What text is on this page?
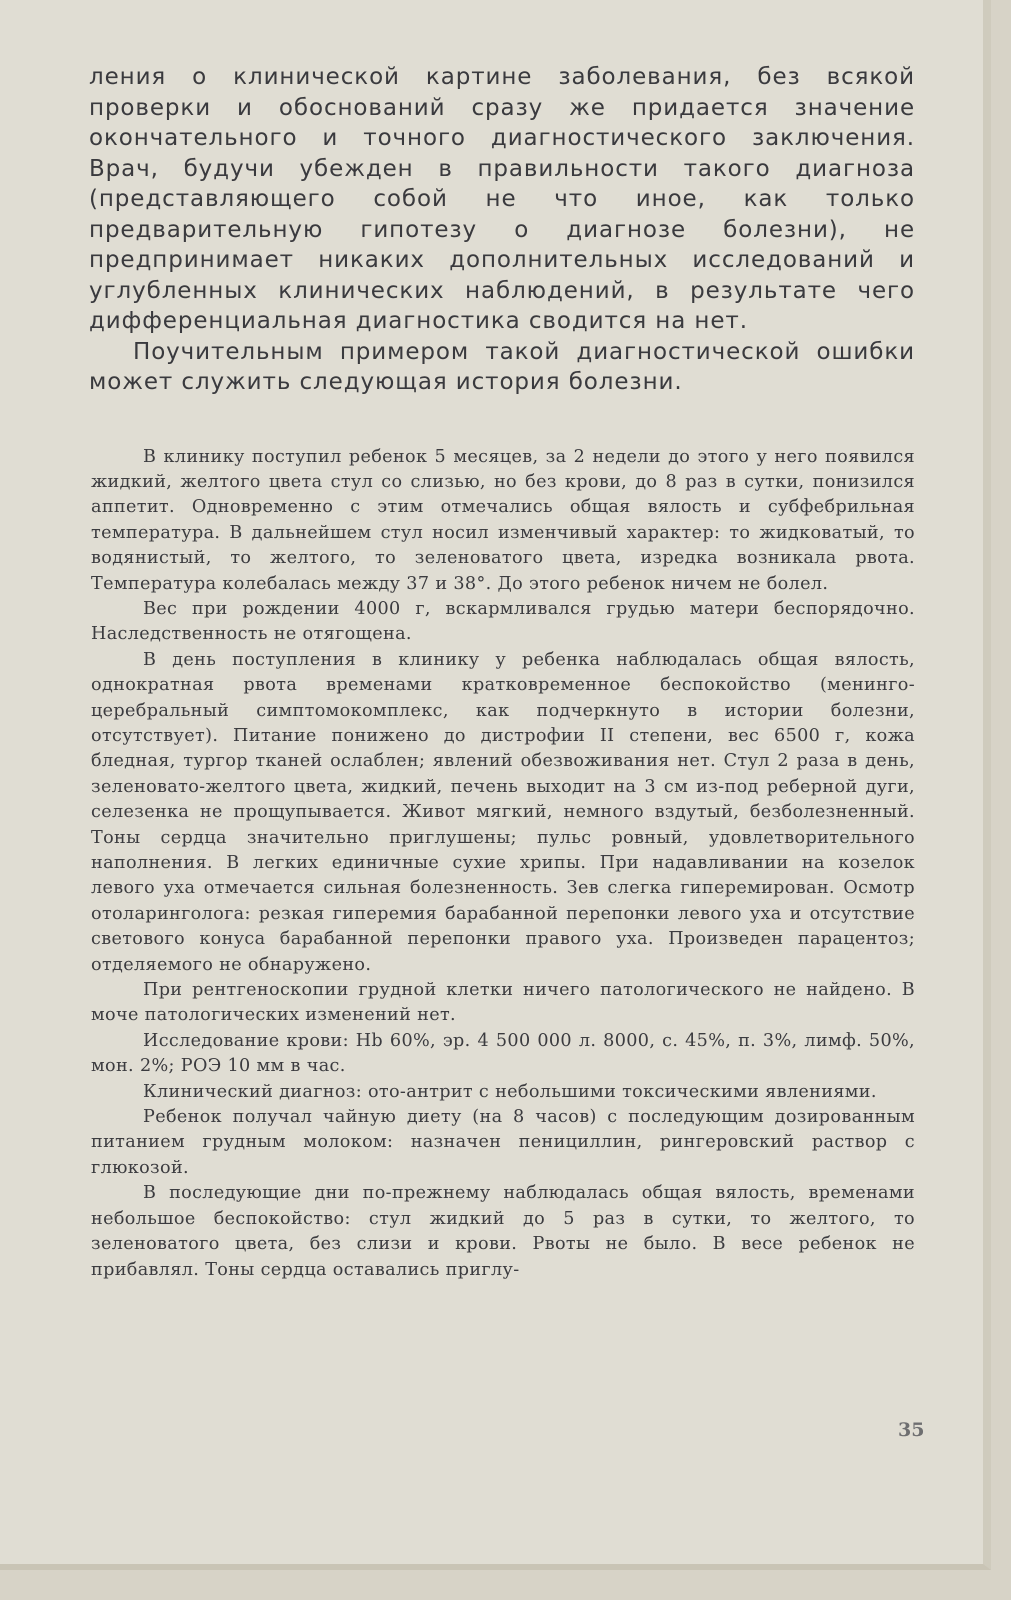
ления о клинической картине заболевания, без всякой проверки и обоснований сразу же придается значение окончательного и точного диагностического заключения. Врач, будучи убежден в правильности такого диагноза (представляющего собой не что иное, как только предварительную гипотезу о диагнозе болезни), не предпринимает никаких дополнительных исследований и углубленных клинических наблюдений, в результате чего дифференциальная диагностика сводится на нет.

Поучительным примером такой диагностической ошибки может служить следующая история болезни.

В клинику поступил ребенок 5 месяцев, за 2 недели до этого у него появился жидкий, желтого цвета стул со слизью, но без крови, до 8 раз в сутки, понизился аппетит. Одновременно с этим отмечались общая вялость и субфебрильная температура. В дальнейшем стул носил изменчивый характер: то жидковатый, то водянистый, то желтого, то зеленоватого цвета, изредка возникала рвота. Температура колебалась между 37 и 38°. До этого ребенок ничем не болел.

Вес при рождении 4000 г, вскармливался грудью матери беспорядочно. Наследственность не отягощена.

В день поступления в клинику у ребенка наблюдалась общая вялость, однократная рвота временами кратковременное беспокойство (менинго-церебральный симптомокомплекс, как подчеркнуто в истории болезни, отсутствует). Питание понижено до дистрофии II степени, вес 6500 г, кожа бледная, тургор тканей ослаблен; явлений обезвоживания нет. Стул 2 раза в день, зеленовато-желтого цвета, жидкий, печень выходит на 3 см из-под реберной дуги, селезенка не прощупывается. Живот мягкий, немного вздутый, безболезненный. Тоны сердца значительно приглушены; пульс ровный, удовлетворительного наполнения. В легких единичные сухие хрипы. При надавливании на козелок левого уха отмечается сильная болезненность. Зев слегка гиперемирован. Осмотр отоларинголога: резкая гиперемия барабанной перепонки левого уха и отсутствие светового конуса барабанной перепонки правого уха. Произведен парацентоз; отделяемого не обнаружено.

При рентгеноскопии грудной клетки ничего патологического не найдено. В моче патологических изменений нет.

Исследование крови: Hb 60%, эр. 4 500 000 л. 8000, с. 45%, п. 3%, лимф. 50%, мон. 2%; РОЭ 10 мм в час.

Клинический диагноз: ото-антрит с небольшими токсическими явлениями.

Ребенок получал чайную диету (на 8 часов) с последующим дозированным питанием грудным молоком: назначен пенициллин, рингеровский раствор с глюкозой.

В последующие дни по-прежнему наблюдалась общая вялость, временами небольшое беспокойство: стул жидкий до 5 раз в сутки, то желтого, то зеленоватого цвета, без слизи и крови. Рвоты не было. В весе ребенок не прибавлял. Тоны сердца оставались приглу-

35
